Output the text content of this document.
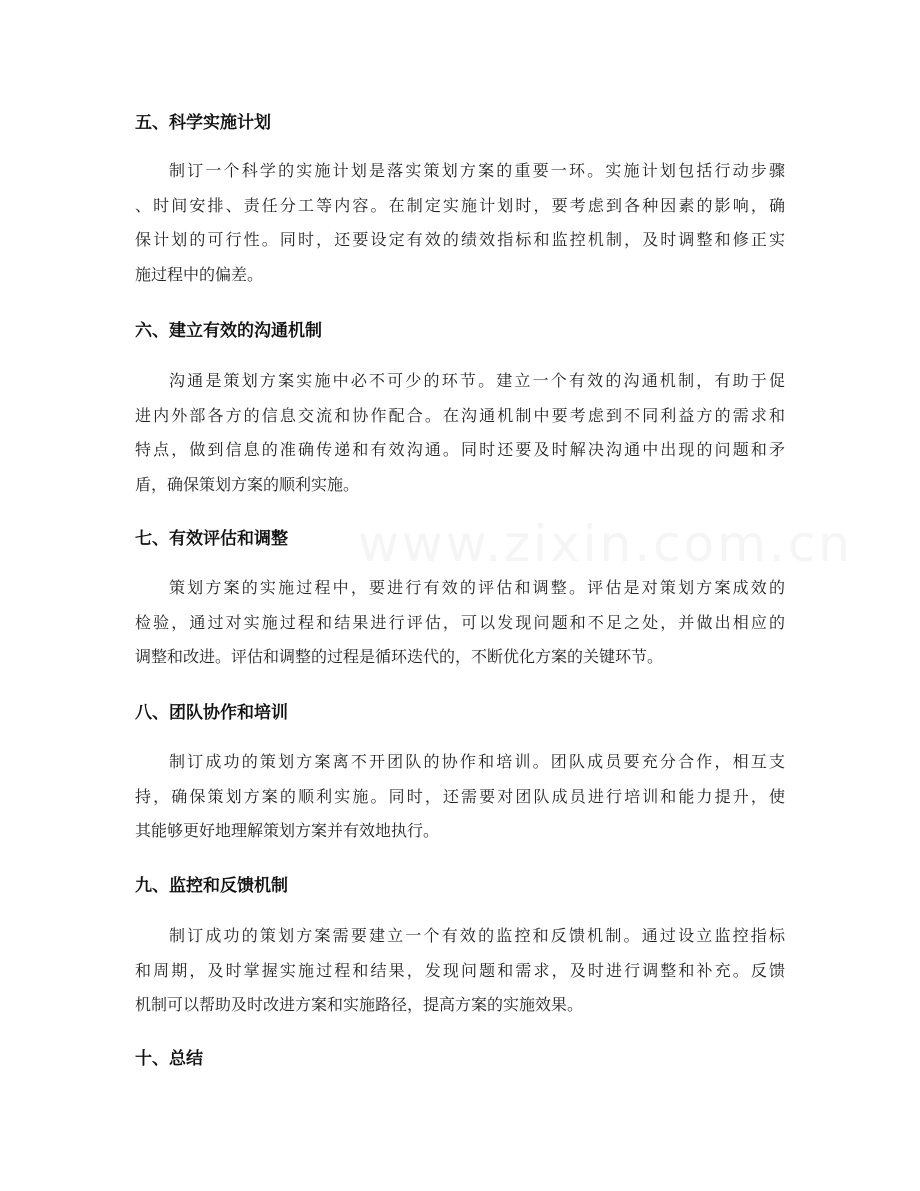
www.zixin.com.cn
五、科学实施计划
制订一个科学的实施计划是落实策划方案的重要一环。实施计划包括行动步骤
、时间安排、责任分工等内容。在制定实施计划时，要考虑到各种因素的影响，确
保计划的可行性。同时，还要设定有效的绩效指标和监控机制，及时调整和修正实
施过程中的偏差。
六、建立有效的沟通机制
沟通是策划方案实施中必不可少的环节。建立一个有效的沟通机制，有助于促
进内外部各方的信息交流和协作配合。在沟通机制中要考虑到不同利益方的需求和
特点，做到信息的准确传递和有效沟通。同时还要及时解决沟通中出现的问题和矛
盾，确保策划方案的顺利实施。
七、有效评估和调整
策划方案的实施过程中，要进行有效的评估和调整。评估是对策划方案成效的
检验，通过对实施过程和结果进行评估，可以发现问题和不足之处，并做出相应的
调整和改进。评估和调整的过程是循环迭代的，不断优化方案的关键环节。
八、团队协作和培训
制订成功的策划方案离不开团队的协作和培训。团队成员要充分合作，相互支
持，确保策划方案的顺利实施。同时，还需要对团队成员进行培训和能力提升，使
其能够更好地理解策划方案并有效地执行。
九、监控和反馈机制
制订成功的策划方案需要建立一个有效的监控和反馈机制。通过设立监控指标
和周期，及时掌握实施过程和结果，发现问题和需求，及时进行调整和补充。反馈
机制可以帮助及时改进方案和实施路径，提高方案的实施效果。
十、总结
